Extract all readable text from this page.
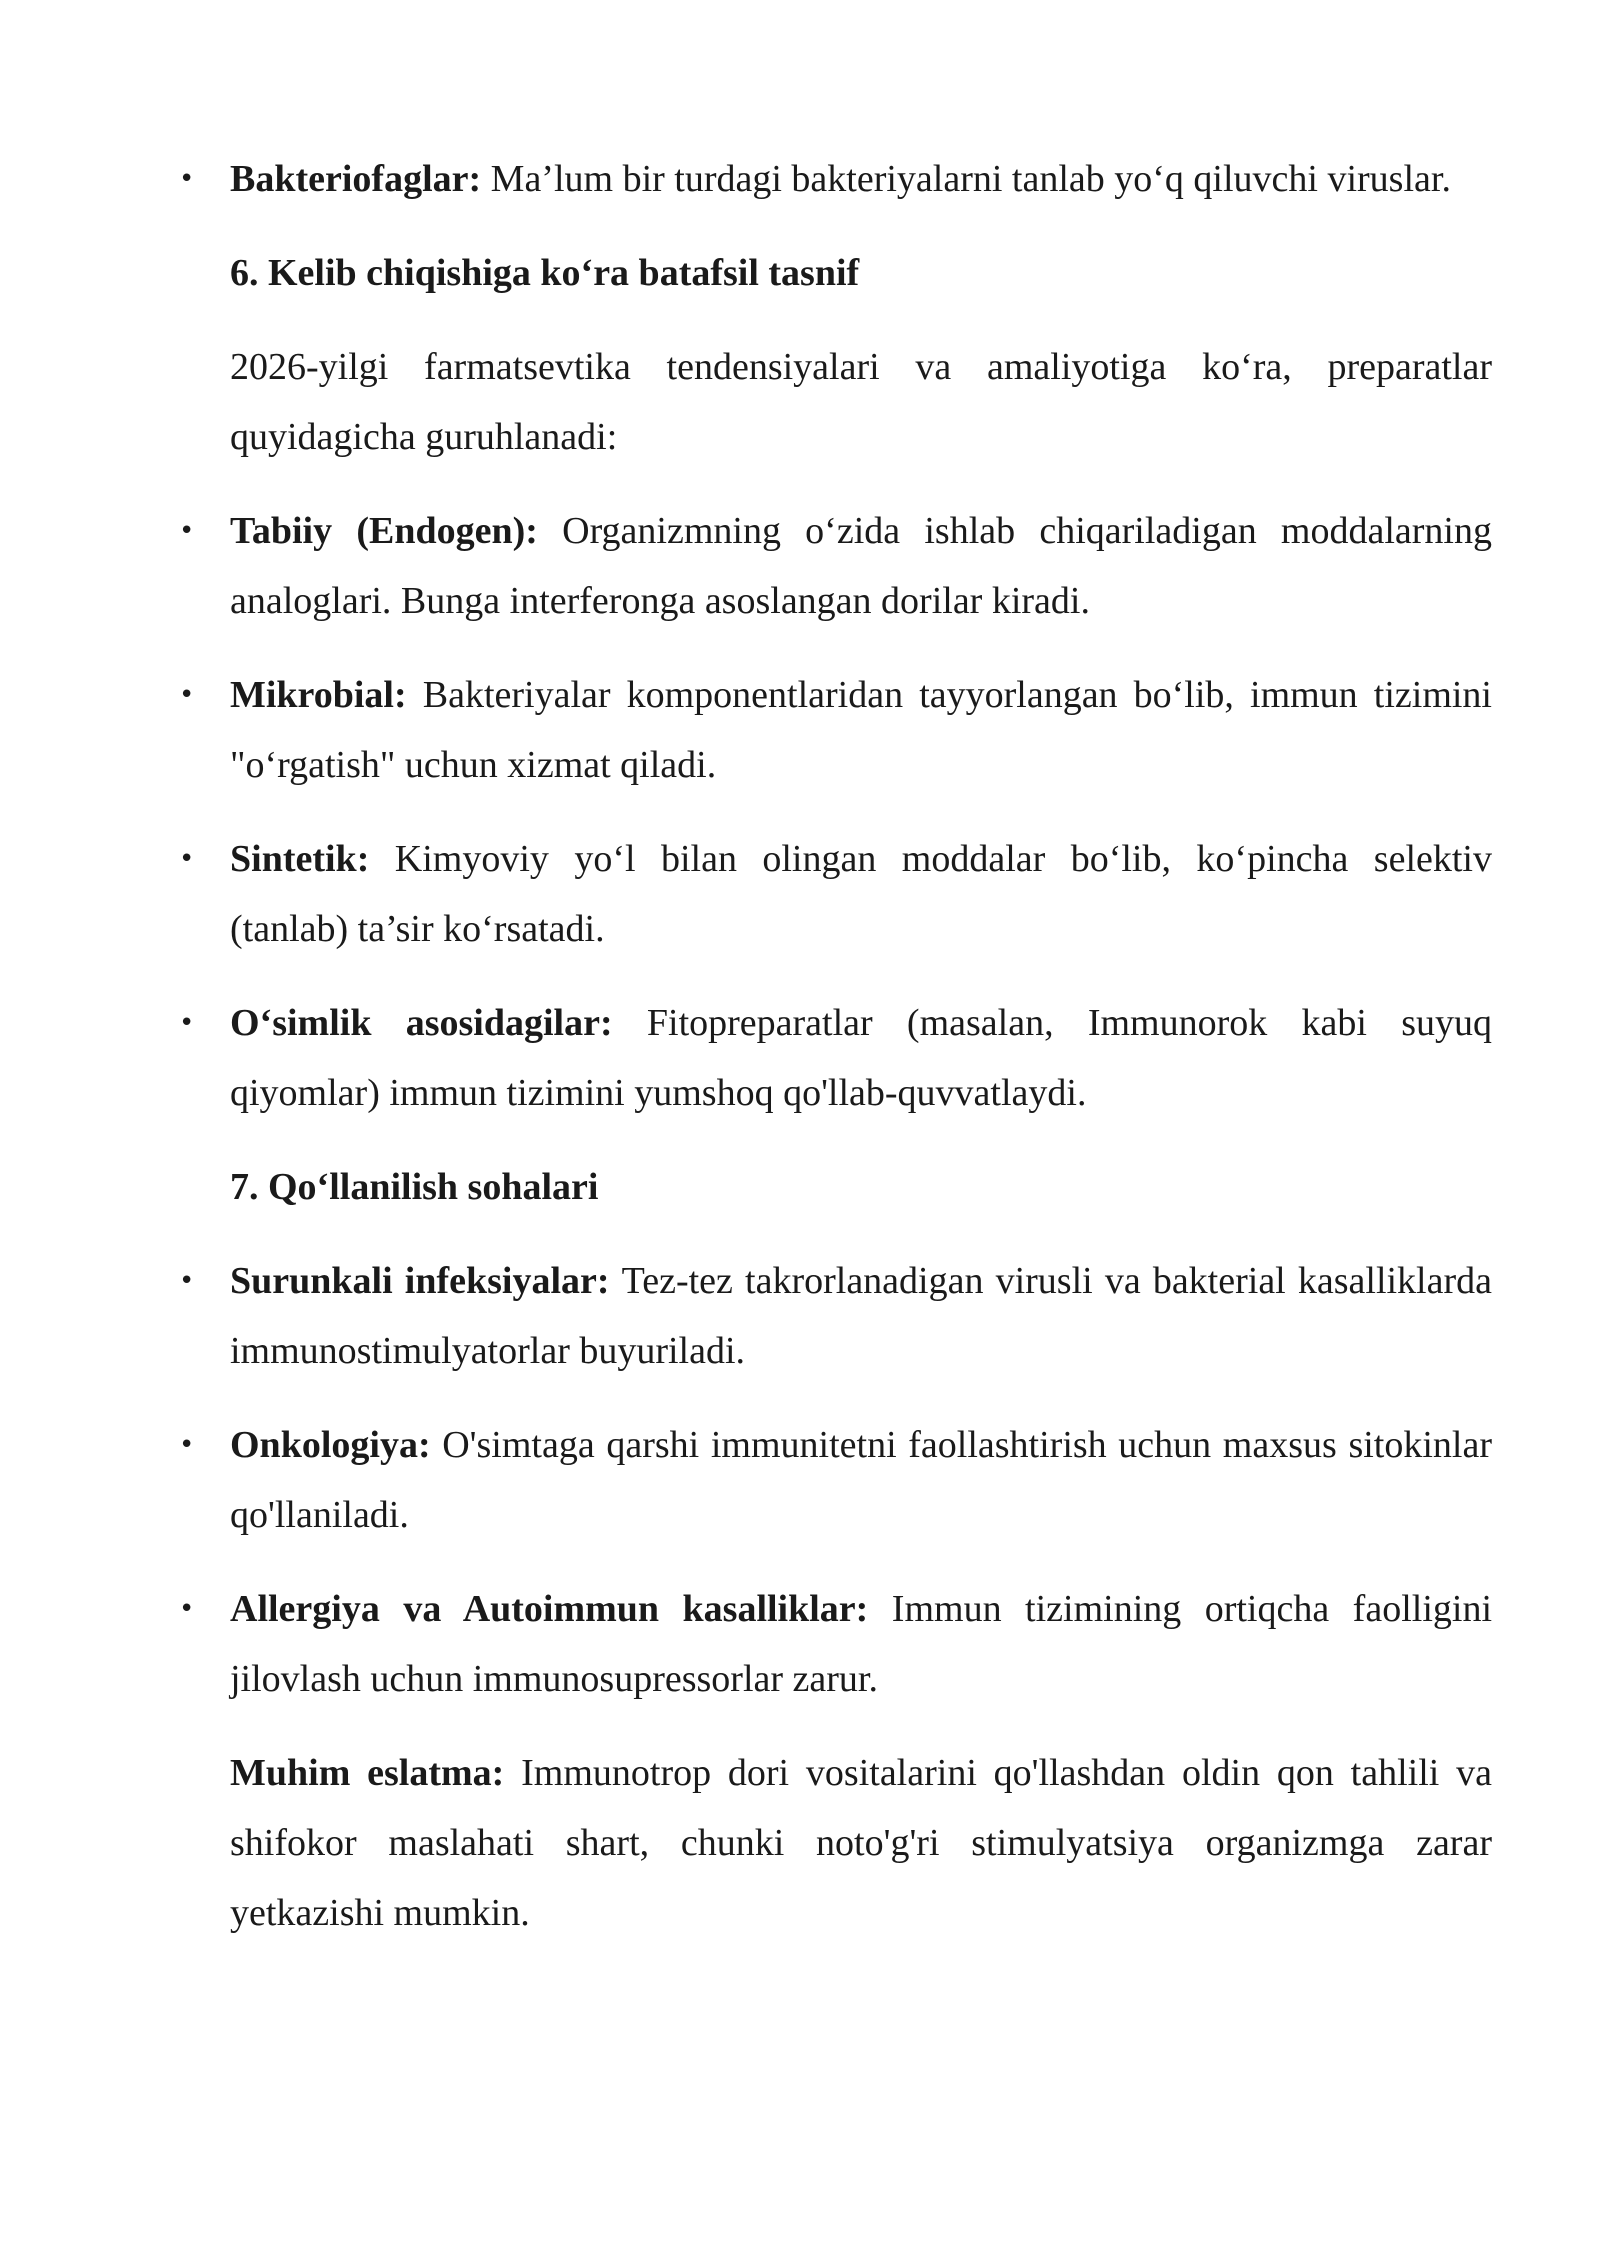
• Bakteriofaglar: Ma’lum bir turdagi bakteriyalarni tanlab yo‘q qiluvchi viruslar.
6. Kelib chiqishiga ko‘ra batafsil tasnif
2026-yilgi farmatsevtika tendensiyalari va amaliyotiga ko‘ra, preparatlar quyidagicha guruhlanadi:
• Tabiiy (Endogen): Organizmning o‘zida ishlab chiqariladigan moddalarning analoglari. Bunga interferonga asoslangan dorilar kiradi.
• Mikrobial: Bakteriyalar komponentlaridan tayyorlangan bo‘lib, immun tizimini "o‘rgatish" uchun xizmat qiladi.
• Sintetik: Kimyoviy yo‘l bilan olingan moddalar bo‘lib, ko‘pincha selektiv (tanlab) ta’sir ko‘rsatadi.
• O‘simlik asosidagilar: Fitopreparatlar (masalan, Immunorok kabi suyuq qiyomlar) immun tizimini yumshoq qo'llab-quvvatlaydi.
7. Qo‘llanilish sohalari
• Surunkali infeksiyalar: Tez-tez takrorlanadigan virusli va bakterial kasalliklarda immunostimulyatorlar buyuriladi.
• Onkologiya: O'simtaga qarshi immunitetni faollashtirish uchun maxsus sitokinlar qo'llaniladi.
• Allergiya va Autoimmun kasalliklar: Immun tizimining ortiqcha faolligini jilovlash uchun immunosupressorlar zarur.
Muhim eslatma: Immunotrop dori vositalarini qo'llashdan oldin qon tahlili va shifokor maslahati shart, chunki noto'g'ri stimulyatsiya organizmga zarar yetkazishi mumkin.
